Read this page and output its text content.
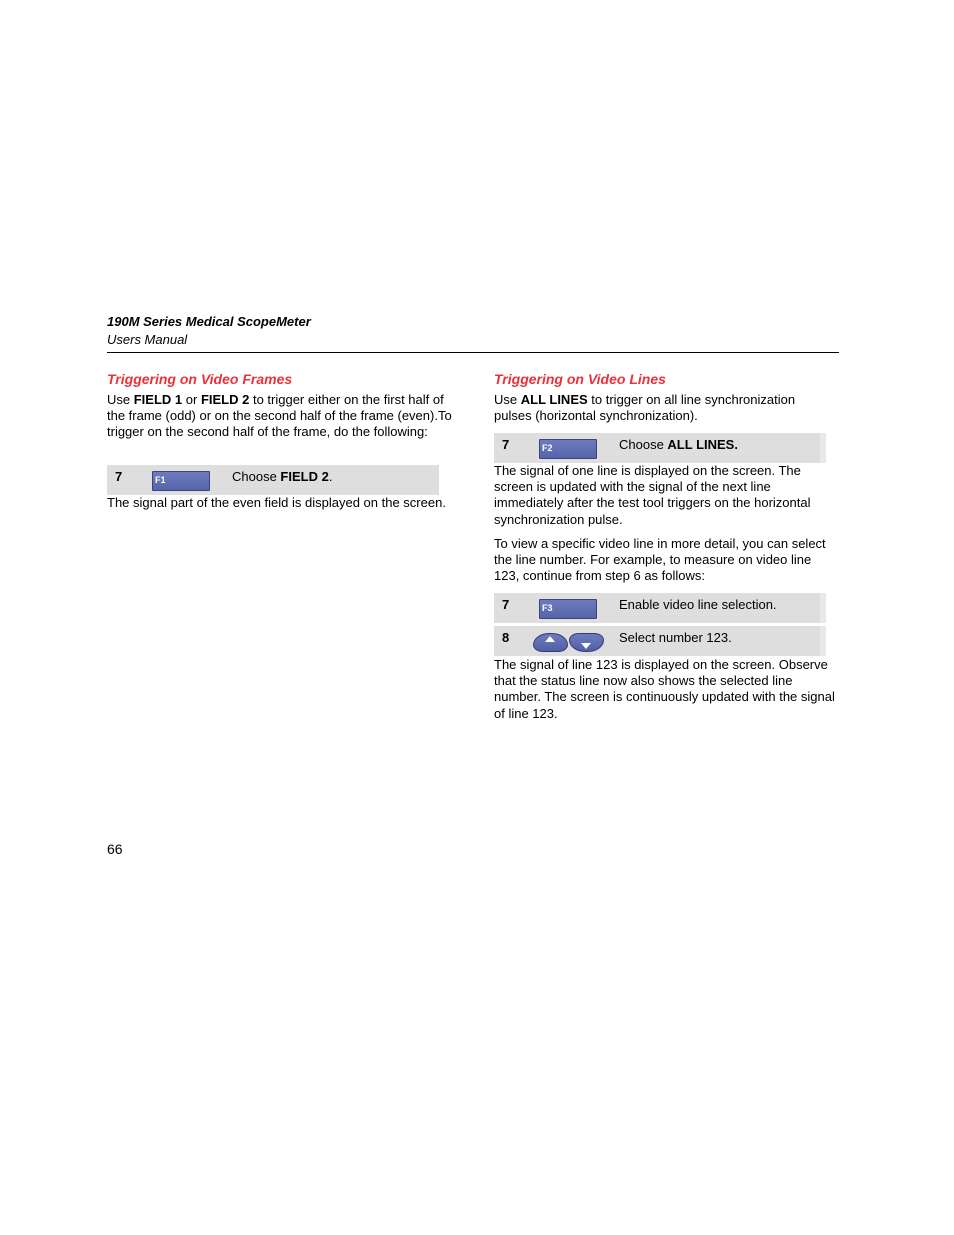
190M Series Medical ScopeMeter
Users Manual
Triggering on Video Frames
Use FIELD 1 or FIELD 2 to trigger either on the first half of the frame (odd) or on the second half of the frame (even).To trigger on the second half of the frame, do the following:
7	F1	Choose FIELD 2.
The signal part of the even field is displayed on the screen.
Triggering on Video Lines
Use ALL LINES to trigger on all line synchronization pulses (horizontal synchronization).
7	F2	Choose ALL LINES.
The signal of one line is displayed on the screen. The screen is updated with the signal of the next line immediately after the test tool triggers on the horizontal synchronization pulse.
To view a specific video line in more detail, you can select the line number. For example, to measure on video line 123, continue from step 6 as follows:
7	F3	Enable video line selection.
8	Select number 123.
The signal of line 123 is displayed on the screen. Observe that the status line now also shows the selected line number. The screen is continuously updated with the signal of line 123.
66
